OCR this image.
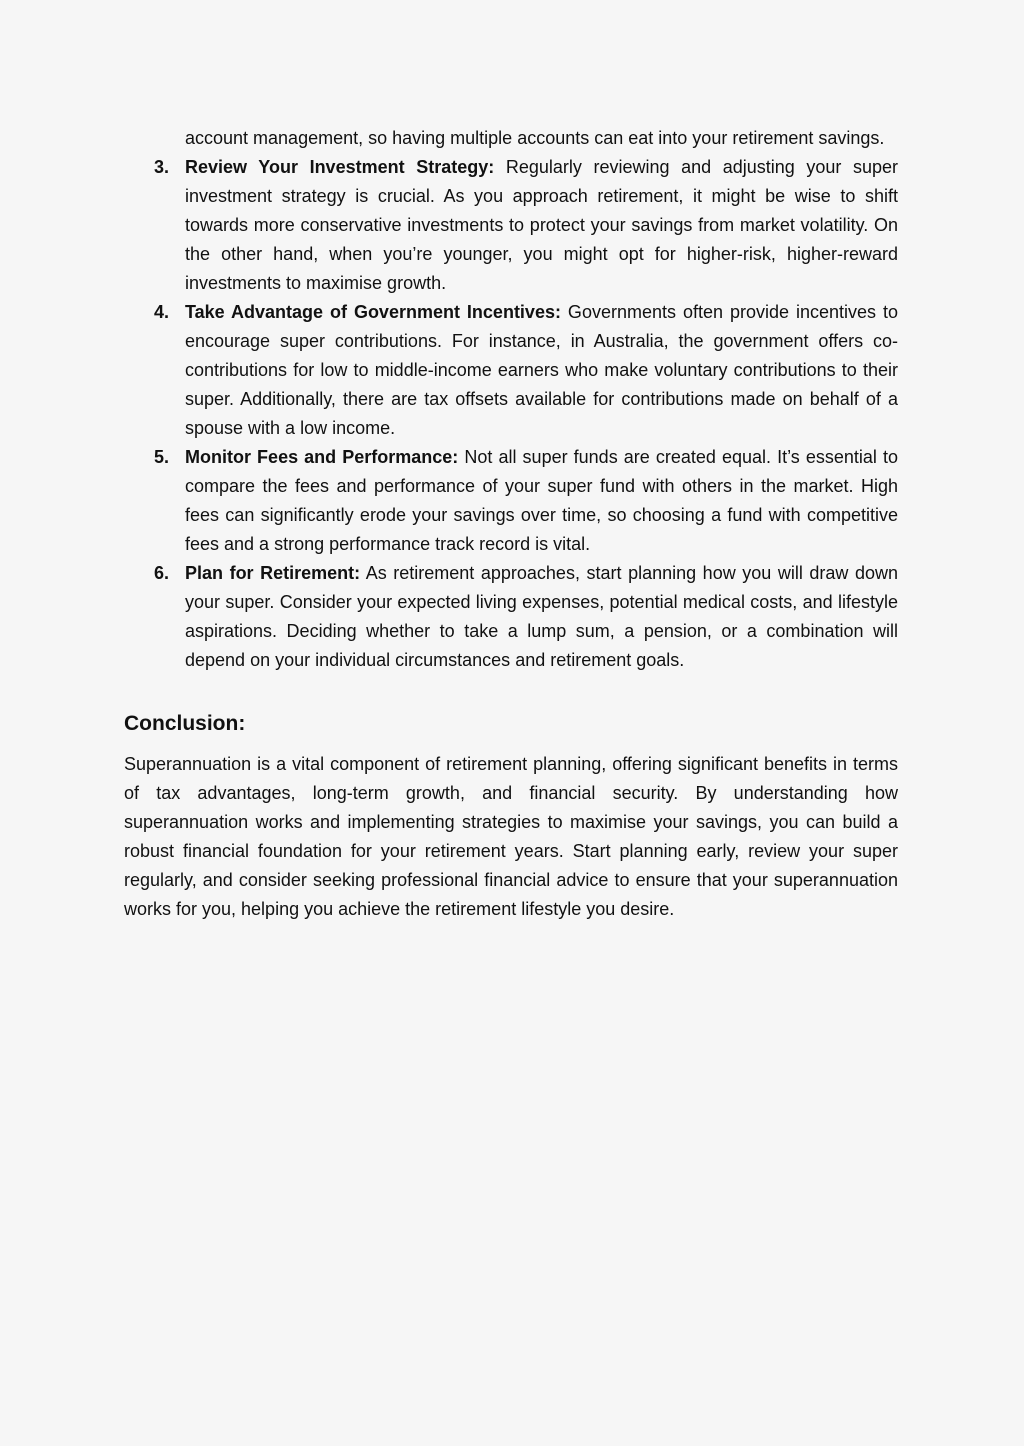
account management, so having multiple accounts can eat into your retirement savings.
3. Review Your Investment Strategy: Regularly reviewing and adjusting your super investment strategy is crucial. As you approach retirement, it might be wise to shift towards more conservative investments to protect your savings from market volatility. On the other hand, when you’re younger, you might opt for higher-risk, higher-reward investments to maximise growth.
4. Take Advantage of Government Incentives: Governments often provide incentives to encourage super contributions. For instance, in Australia, the government offers co-contributions for low to middle-income earners who make voluntary contributions to their super. Additionally, there are tax offsets available for contributions made on behalf of a spouse with a low income.
5. Monitor Fees and Performance: Not all super funds are created equal. It’s essential to compare the fees and performance of your super fund with others in the market. High fees can significantly erode your savings over time, so choosing a fund with competitive fees and a strong performance track record is vital.
6. Plan for Retirement: As retirement approaches, start planning how you will draw down your super. Consider your expected living expenses, potential medical costs, and lifestyle aspirations. Deciding whether to take a lump sum, a pension, or a combination will depend on your individual circumstances and retirement goals.
Conclusion:

Superannuation is a vital component of retirement planning, offering significant benefits in terms of tax advantages, long-term growth, and financial security. By understanding how superannuation works and implementing strategies to maximise your savings, you can build a robust financial foundation for your retirement years. Start planning early, review your super regularly, and consider seeking professional financial advice to ensure that your superannuation works for you, helping you achieve the retirement lifestyle you desire.
